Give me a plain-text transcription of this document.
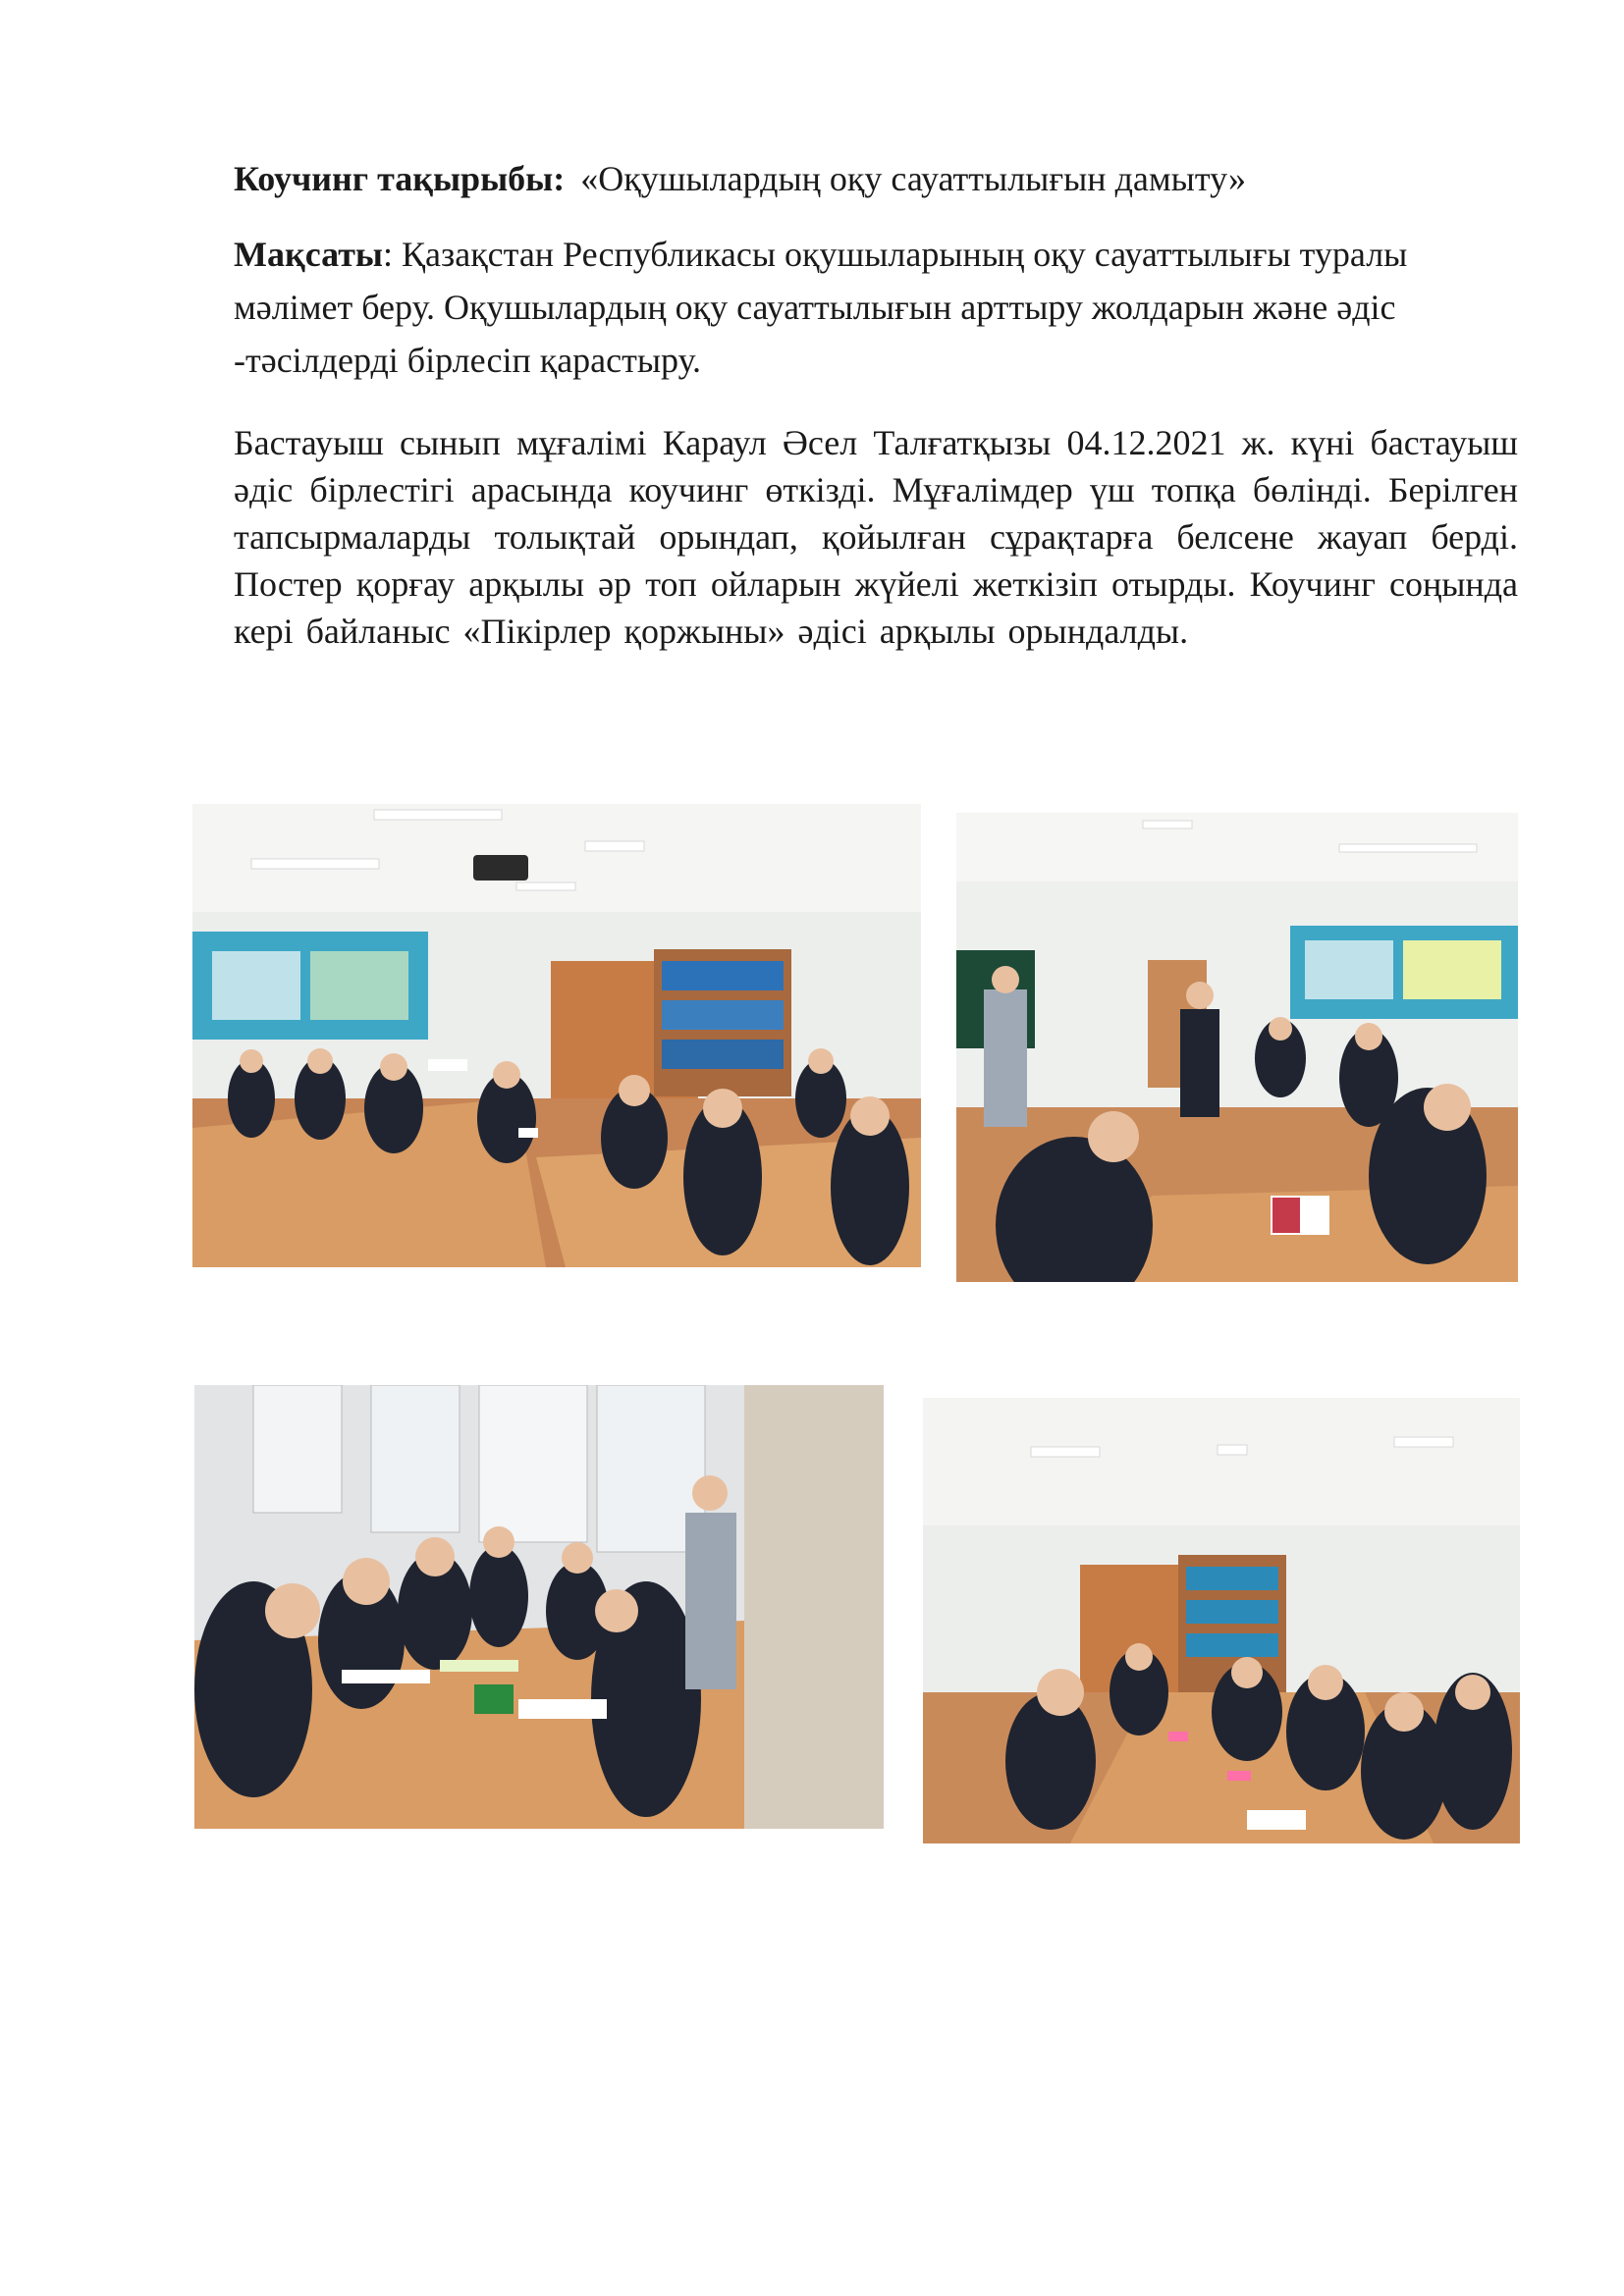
Коучинг тақырыбы: «Оқушылардың оқу сауаттылығын дамыту»
Мақсаты: Қазақстан Республикасы оқушыларының оқу сауаттылығы туралы мәлімет беру. Оқушылардың оқу сауаттылығын арттыру жолдарын және әдіс -тәсілдерді бірлесіп қарастыру.
Бастауыш сынып мұғалімі Караул Әсел Талғатқызы 04.12.2021 ж. күні бастауыш әдіс бірлестігі арасында коучинг өткізді. Мұғалімдер үш топқа бөлінді. Берілген тапсырмаларды толықтай орындап, қойылған сұрақтарға белсене жауап берді. Постер қорғау арқылы әр топ ойларын жүйелі жеткізіп отырды. Коучинг соңында кері байланыс «Пікірлер қоржыны» әдісі арқылы орындалды.
